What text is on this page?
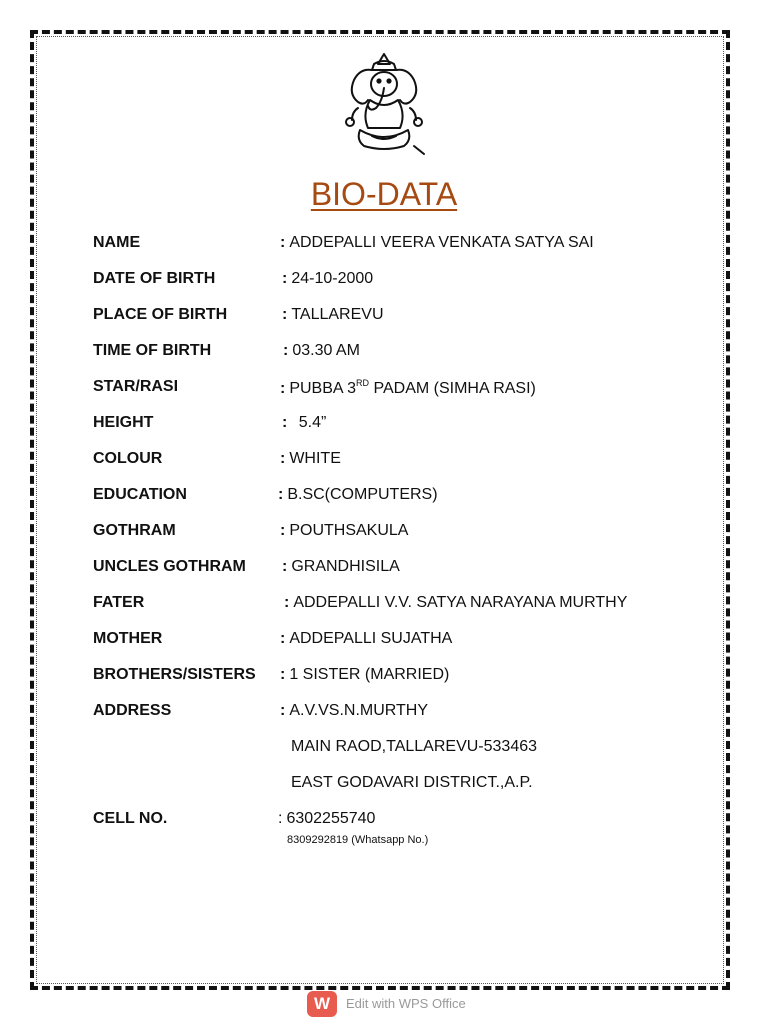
BIO-DATA
NAME	: ADDEPALLI VEERA VENKATA SATYA SAI
DATE OF BIRTH	: 24-10-2000
PLACE OF BIRTH	: TALLAREVU
TIME OF BIRTH	: 03.30 AM
STAR/RASI	: PUBBA 3RD PADAM (SIMHA RASI)
HEIGHT	: 5.4”
COLOUR	: WHITE
EDUCATION	: B.SC(COMPUTERS)
GOTHRAM	: POUTHSAKULA
UNCLES GOTHRAM : GRANDHISILA
FATER	: ADDEPALLI V.V. SATYA NARAYANA MURTHY
MOTHER	: ADDEPALLI SUJATHA
BROTHERS/SISTERS : 1 SISTER (MARRIED)
ADDRESS	: A.V.VS.N.MURTHY
MAIN RAOD,TALLAREVU-533463
EAST GODAVARI DISTRICT.,A.P.
CELL NO.	: 6302255740
8309292819 (Whatsapp No.)
W	Edit with WPS Office
